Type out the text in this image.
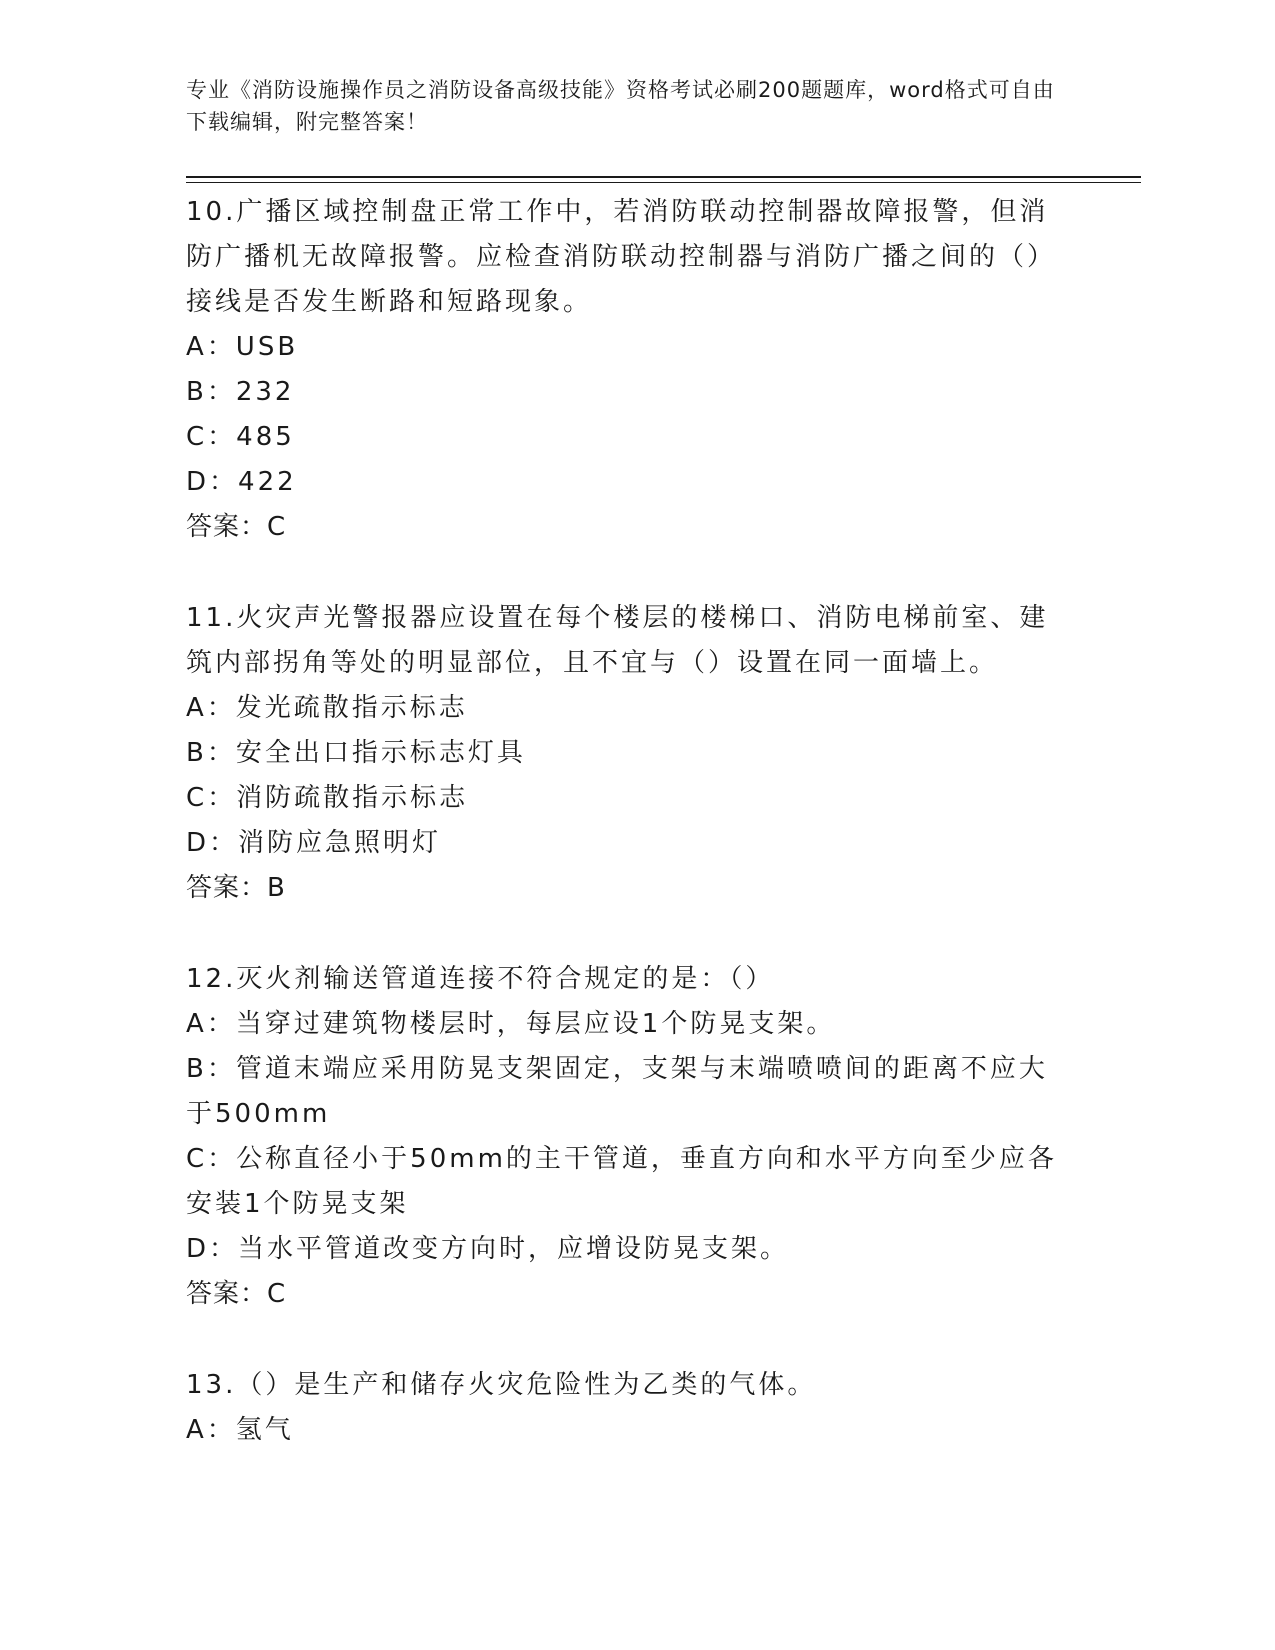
专业《消防设施操作员之消防设备高级技能》资格考试必刷200题题库，word格式可自由下载编辑，附完整答案！

10.广播区域控制盘正常工作中，若消防联动控制器故障报警，但消防广播机无故障报警。应检查消防联动控制器与消防广播之间的（）接线是否发生断路和短路现象。

A：USB

B：232

C：485

D：422

答案：C

11.火灾声光警报器应设置在每个楼层的楼梯口、消防电梯前室、建筑内部拐角等处的明显部位，且不宜与（）设置在同一面墙上。

A：发光疏散指示标志

B：安全出口指示标志灯具

C：消防疏散指示标志

D：消防应急照明灯

答案：B

12.灭火剂输送管道连接不符合规定的是：（）

A：当穿过建筑物楼层时，每层应设1个防晃支架。

B：管道末端应采用防晃支架固定，支架与末端喷喷间的距离不应大于500mm

C：公称直径小于50mm的主干管道，垂直方向和水平方向至少应各安装1个防晃支架

D：当水平管道改变方向时，应增设防晃支架。

答案：C

13.（）是生产和储存火灾危险性为乙类的气体。

A：氢气
